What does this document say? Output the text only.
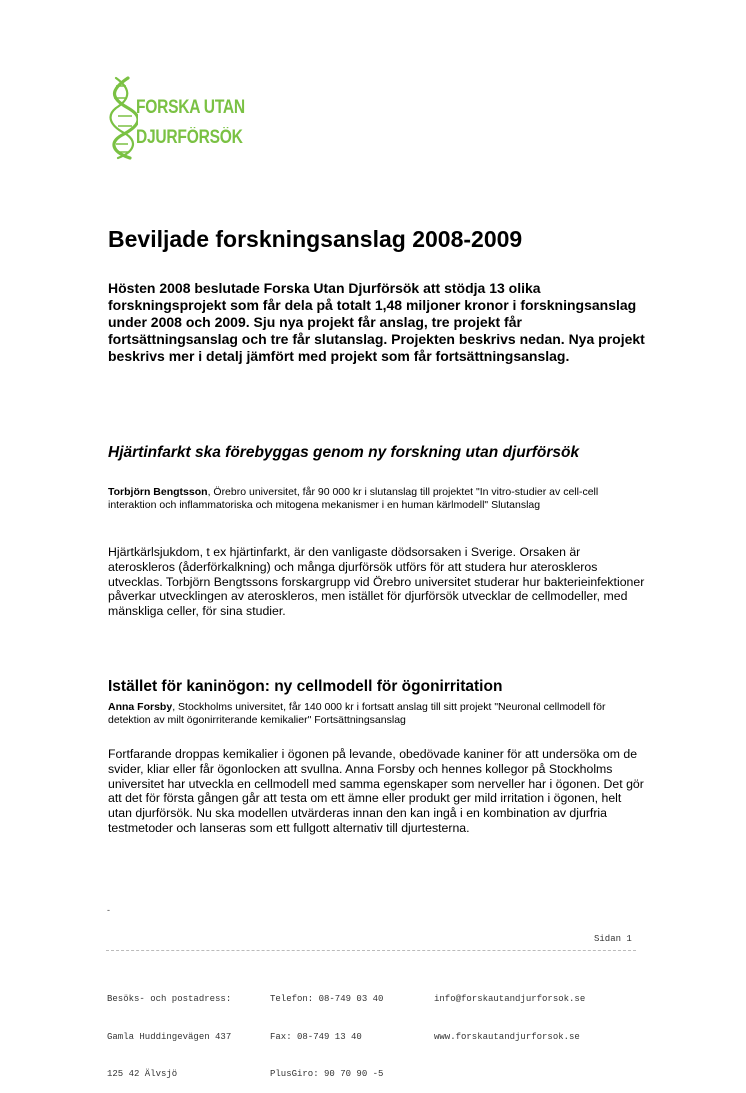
FORSKA UTAN
DJURFÖRSÖK
Beviljade forskningsanslag 2008-2009

Hösten 2008 beslutade Forska Utan Djurförsök att stödja 13 olika forskningsprojekt som får dela på totalt 1,48 miljoner kronor i forskningsanslag under 2008 och 2009. Sju nya projekt får anslag, tre projekt får fortsättningsanslag och tre får slutanslag. Projekten beskrivs nedan. Nya projekt beskrivs mer i detalj jämfört med projekt som får fortsättningsanslag.

Hjärtinfarkt ska förebyggas genom ny forskning utan djurförsök

Torbjörn Bengtsson, Örebro universitet, får 90 000 kr i slutanslag till projektet "In vitro-studier av cell-cell interaktion och inflammatoriska och mitogena mekanismer i en human kärlmodell" Slutanslag

Hjärtkärlsjukdom, t ex hjärtinfarkt, är den vanligaste dödsorsaken i Sverige. Orsaken är ateroskleros (åderförkalkning) och många djurförsök utförs för att studera hur ateroskleros utvecklas. Torbjörn Bengtssons forskargrupp vid Örebro universitet studerar hur bakterieinfektioner påverkar utvecklingen av ateroskleros, men istället för djurförsök utvecklar de cellmodeller, med mänskliga celler, för sina studier.

Istället för kaninögon: ny cellmodell för ögonirritation

Anna Forsby, Stockholms universitet, får 140 000 kr i fortsatt anslag till sitt projekt "Neuronal cellmodell för detektion av milt ögonirriterande kemikalier" Fortsättningsanslag

Fortfarande droppas kemikalier i ögonen på levande, obedövade kaniner för att undersöka om de svider, kliar eller får ögonlocken att svullna. Anna Forsby och hennes kollegor på Stockholms universitet har utveckla en cellmodell med samma egenskaper som nerveller har i ögonen. Det gör att det för första gången går att testa om ett ämne eller produkt ger mild irritation i ögonen, helt utan djurförsök. Nu ska modellen utvärderas innan den kan ingå i en kombination av djurfria testmetoder och lanseras som ett fullgott alternativ till djurtesterna.

-
Sidan 1

Besöks- och postadress:

Gamla Huddingevägen 437

125 42 Älvsjö

Telefon: 08-749 03 40

Fax: 08-749 13 40

PlusGiro: 90 70 90 -5

info@forskautandjurforsok.se

www.forskautandjurforsok.se
